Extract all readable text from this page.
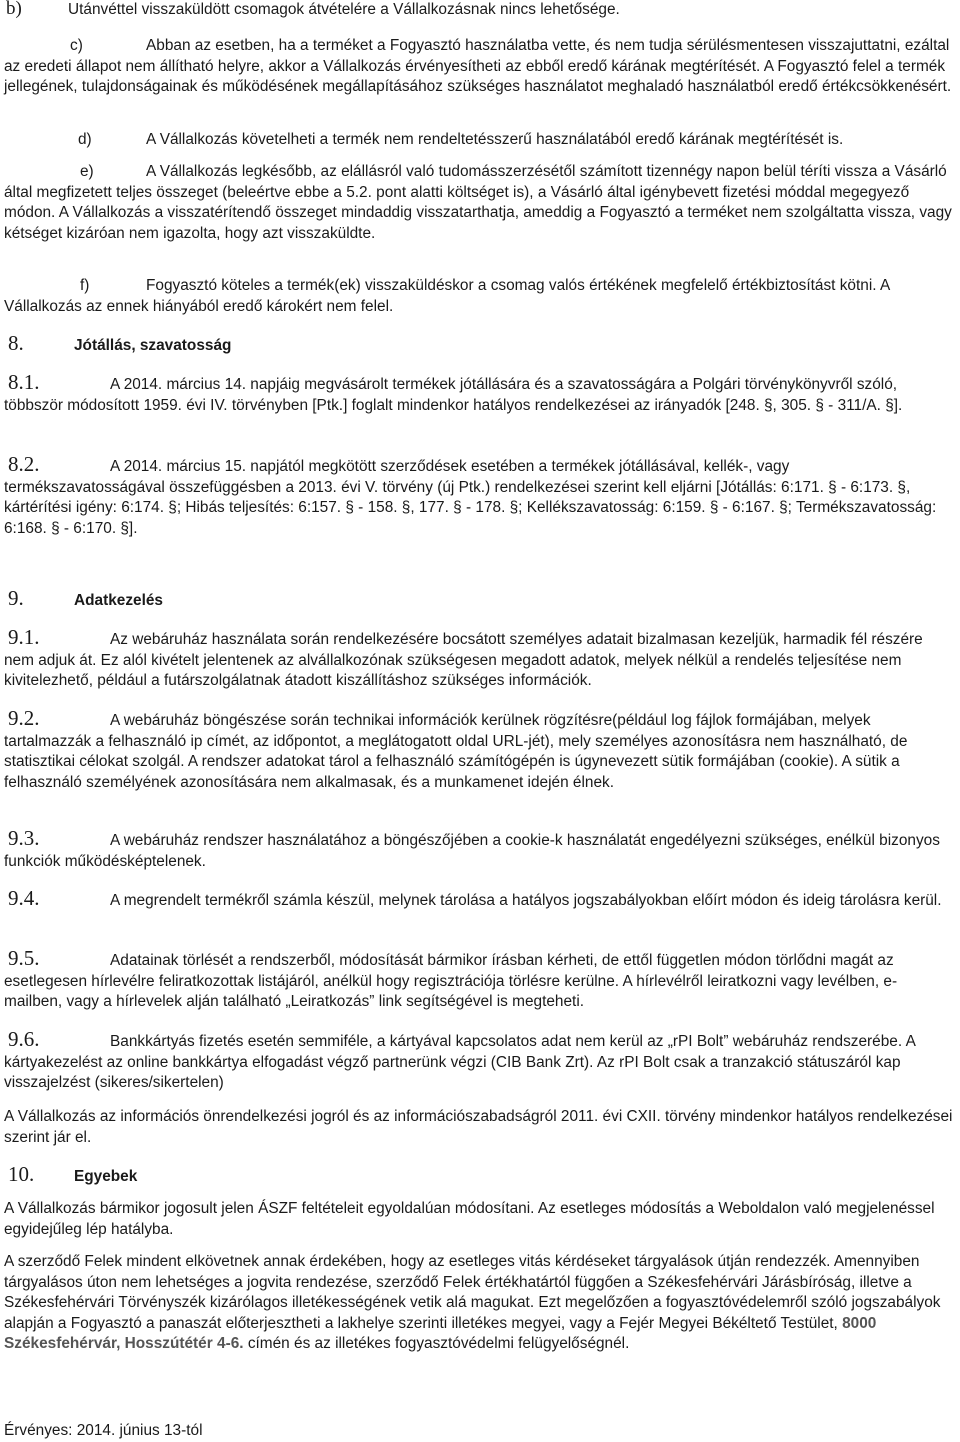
b)	Utánvéttel visszaküldött csomagok átvételére a Vállalkozásnak nincs lehetősége.
c)	Abban az esetben, ha a terméket a Fogyasztó használatba vette, és nem tudja sérülésmentesen visszajuttatni, ezáltal az eredeti állapot nem állítható helyre, akkor a Vállalkozás érvényesítheti az ebből eredő kárának megtérítését. A Fogyasztó felel a termék jellegének, tulajdonságainak és működésének megállapításához szükséges használatot meghaladó használatból eredő értékcsökkenésért.
d)	A Vállalkozás követelheti a termék nem rendeltetésszerű használatából eredő kárának megtérítését is.
e)	A Vállalkozás legkésőbb, az elállásról való tudomásszerzésétől számított tizennégy napon belül téríti vissza a Vásárló által megfizetett teljes összeget (beleértve ebbe a 5.2. pont alatti költséget is), a Vásárló által igénybevett fizetési móddal megegyező módon. A Vállalkozás a visszatérítendő összeget mindaddig visszatarthatja, ameddig a Fogyasztó a terméket nem szolgáltatta vissza, vagy kétséget kizáróan nem igazolta, hogy azt visszaküldte.
f)	Fogyasztó köteles a termék(ek) visszaküldéskor a csomag valós értékének megfelelő értékbiztosítást kötni. A Vállalkozás az ennek hiányából eredő károkért nem felel.
8.	Jótállás, szavatosság
8.1.	A 2014. március 14. napjáig megvásárolt termékek jótállására és a szavatosságára a Polgári törvénykönyvről szóló, többször módosított 1959. évi IV. törvényben [Ptk.] foglalt mindenkor hatályos rendelkezései az irányadók [248. §, 305. § - 311/A. §].
8.2.	A 2014. március 15. napjától megkötött szerződések esetében a termékek jótállásával, kellék-, vagy termékszavatosságával összefüggésben a 2013. évi V. törvény (új Ptk.) rendelkezései szerint kell eljárni [Jótállás: 6:171. § - 6:173. §, kártérítési igény: 6:174. §; Hibás teljesítés: 6:157. § - 158. §, 177. § - 178. §; Kellékszavatosság: 6:159. § - 6:167. §; Termékszavatosság: 6:168. § - 6:170. §].
9.	Adatkezelés
9.1.	Az webáruház használata során rendelkezésére bocsátott személyes adatait bizalmasan kezeljük, harmadik fél részére nem adjuk át. Ez alól kivételt jelentenek az alvállalkozónak szükségesen megadott adatok, melyek nélkül a rendelés teljesítése nem kivitelezhető, például a futárszolgálatnak átadott kiszállításhoz szükséges információk.
9.2.	A webáruház böngészése során technikai információk kerülnek rögzítésre(például log fájlok formájában, melyek tartalmazzák a felhasználó ip címét, az időpontot, a meglátogatott oldal URL-jét), mely személyes azonosításra nem használható, de statisztikai célokat szolgál. A rendszer adatokat tárol a felhasználó számítógépén is úgynevezett sütik formájában (cookie). A sütik a felhasználó személyének azonosítására nem alkalmasak, és a munkamenet idején élnek.
9.3.	A webáruház rendszer használatához a böngészőjében a cookie-k használatát engedélyezni szükséges, enélkül bizonyos funkciók működésképtelenek.
9.4.	A megrendelt termékről számla készül, melynek tárolása a hatályos jogszabályokban előírt módon és ideig tárolásra kerül.
9.5.	Adatainak törlését a rendszerből, módosítását bármikor írásban kérheti, de ettől független módon törlődni magát az esetlegesen hírlevélre feliratkozottak listájáról, anélkül hogy regisztrációja törlésre kerülne. A hírlevélről leiratkozni vagy levélben, e-mailben, vagy a hírlevelek alján található „Leiratkozás” link segítségével is megteheti.
9.6.	Bankkártyás fizetés esetén semmiféle, a kártyával kapcsolatos adat nem kerül az „rPI Bolt” webáruház rendszerébe. A kártyakezelést az online bankkártya elfogadást végző partnerünk végzi (CIB Bank Zrt). Az rPI Bolt csak a tranzakció státuszáról kap visszajelzést (sikeres/sikertelen)
A Vállalkozás az információs önrendelkezési jogról és az információszabadságról 2011. évi CXII. törvény mindenkor hatályos rendelkezései szerint jár el.
10.	Egyebek
A Vállalkozás bármikor jogosult jelen ÁSZF feltételeit egyoldalúan módosítani. Az esetleges módosítás a Weboldalon való megjelenéssel egyidejűleg lép hatályba.
A szerződő Felek mindent elkövetnek annak érdekében, hogy az esetleges vitás kérdéseket tárgyalások útján rendezzék. Amennyiben tárgyalásos úton nem lehetséges a jogvita rendezése, szerződő Felek értékhatártól függően a Székesfehérvári Járásbíróság, illetve a Székesfehérvári Törvényszék kizárólagos illetékességének vetik alá magukat. Ezt megelőzően a fogyasztóvédelemről szóló jogszabályok alapján a Fogyasztó a panaszát előterjesztheti a lakhelye szerinti illetékes megyei, vagy a Fejér Megyei Békéltető Testület, 8000 Székesfehérvár, Hosszútétér 4-6. címén és az illetékes fogyasztóvédelmi felügyelőségnél.
Érvényes: 2014. június 13-tól
